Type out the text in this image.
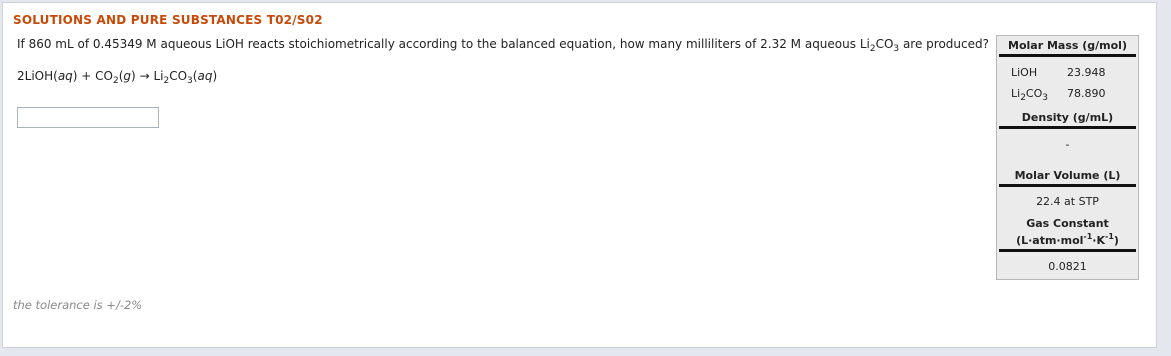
SOLUTIONS AND PURE SUBSTANCES T02/S02
If 860 mL of 0.45349 M aqueous LiOH reacts stoichiometrically according to the balanced equation, how many milliliters of 2.32 M aqueous $Li_2CO_3$ are produced?
2LiOH(aq) + $CO_2(g) \to Li_2CO_3(aq)$
the tolerance is +/-2%
Molar Mass (g/mol)
LiOH	23.948
$Li_2CO_3$	78.890
Density (g/mL)
-
Molar Volume (L)
22.4 at STP
Gas Constant
$(L\cdot atm\cdot mol^{-1}\cdot K^{-1})$
0.0821
